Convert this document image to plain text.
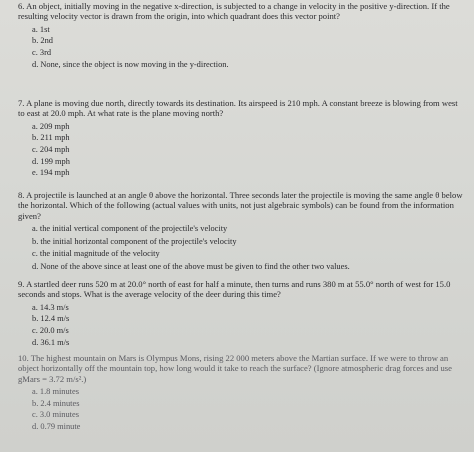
6. An object, initially moving in the negative x-direction, is subjected to a change in velocity in the positive y-direction. If the resulting velocity vector is drawn from the origin, into which quadrant does this vector point?

a. 1st
b. 2nd
c. 3rd
d. None, since the object is now moving in the y-direction.

7. A plane is moving due north, directly towards its destination. Its airspeed is 210 mph. A constant breeze is blowing from west to east at 20.0 mph. At what rate is the plane moving north?

a. 209 mph
b. 211 mph
c. 204 mph
d. 199 mph
e. 194 mph

8. A projectile is launched at an angle θ above the horizontal. Three seconds later the projectile is moving the same angle θ below the horizontal. Which of the following (actual values with units, not just algebraic symbols) can be found from the information given?

a. the initial vertical component of the projectile's velocity
b. the initial horizontal component of the projectile's velocity
c. the initial magnitude of the velocity
d. None of the above since at least one of the above must be given to find the other two values.

9. A startled deer runs 520 m at 20.0° north of east for half a minute, then turns and runs 380 m at 55.0° north of west for 15.0 seconds and stops. What is the average velocity of the deer during this time?

a. 14.3 m/s
b. 12.4 m/s
c. 20.0 m/s
d. 36.1 m/s

10. The highest mountain on Mars is Olympus Mons, rising 22 000 meters above the Martian surface. If we were to throw an object horizontally off the mountain top, how long would it take to reach the surface? (Ignore atmospheric drag forces and use gMars = 3.72 m/s².)

a. 1.8 minutes
b. 2.4 minutes
c. 3.0 minutes
d. 0.79 minute
